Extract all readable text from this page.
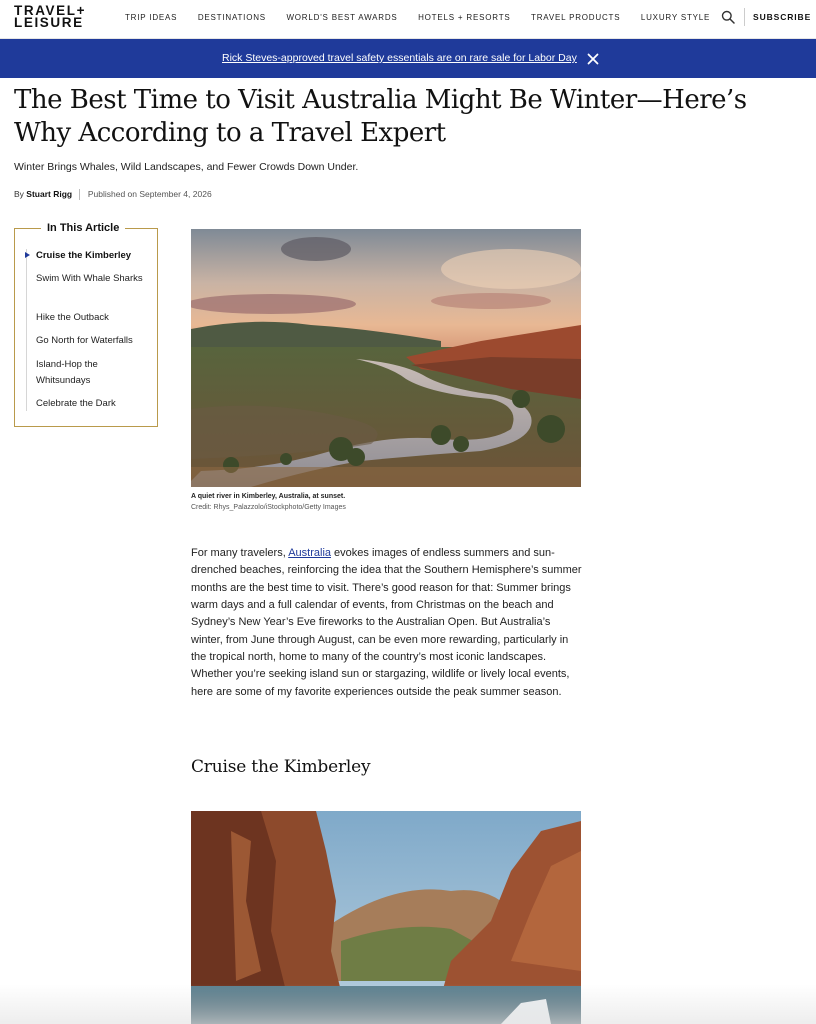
TRAVEL+
LEISURE	TRIP IDEAS	DESTINATIONS	WORLD'S BEST AWARDS	HOTELS + RESORTS	TRAVEL PRODUCTS	LUXURY STYLE	SUBSCRIBE
Rick Steves-approved travel safety essentials are on rare sale for Labor Day
The Best Time to Visit Australia Might Be Winter—Here’s Why According to a Travel Expert
Winter Brings Whales, Wild Landscapes, and Fewer Crowds Down Under.
By Stuart Rigg Published on September 4, 2026
In This Article
Cruise the Kimberley
Swim With Whale Sharks
Hike the Outback
Go North for Waterfalls
Island-Hop the Whitsundays
Celebrate the Dark
A quiet river in Kimberley, Australia, at sunset.
Credit: Rhys_Palazzolo/iStockphoto/Getty Images

For many travelers, Australia evokes images of endless summers and sun-drenched beaches, reinforcing the idea that the Southern Hemisphere’s summer months are the best time to visit. There’s good reason for that: Summer brings warm days and a full calendar of events, from Christmas on the beach and Sydney’s New Year’s Eve fireworks to the Australian Open. But Australia’s winter, from June through August, can be even more rewarding, particularly in the tropical north, home to many of the country’s most iconic landscapes. Whether you’re seeking island sun or stargazing, wildlife or lively local events, here are some of my favorite experiences outside the peak summer season.

Cruise the Kimberley
